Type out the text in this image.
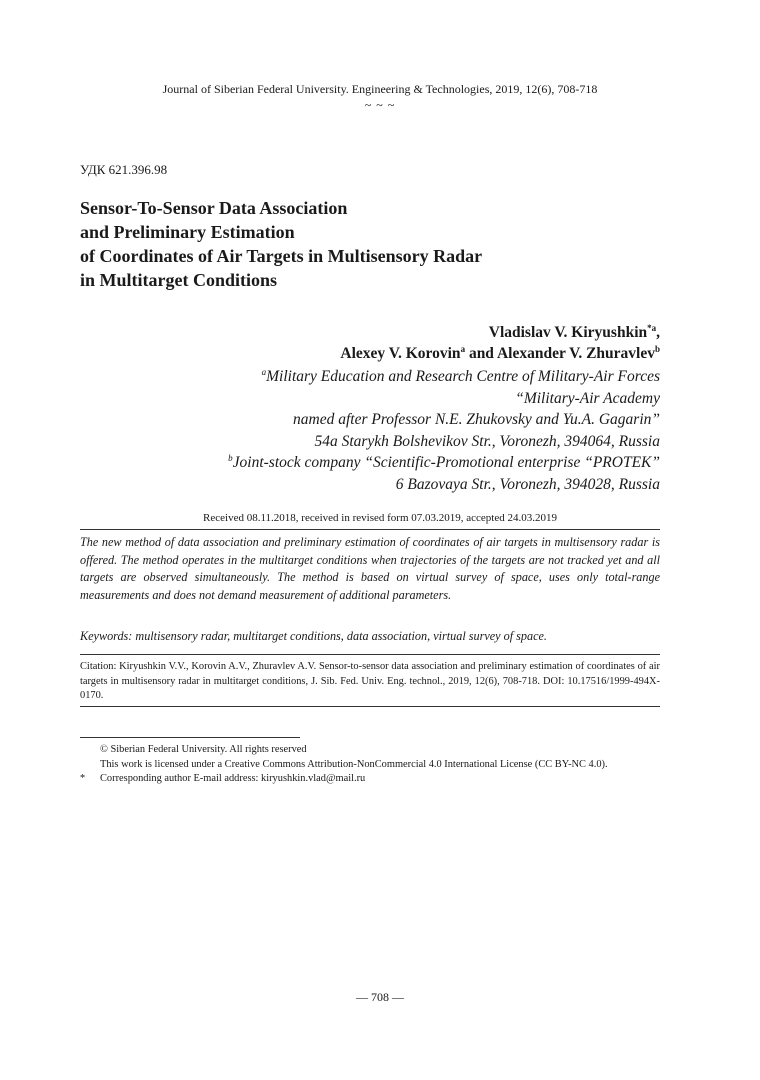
Journal of Siberian Federal University. Engineering & Technologies, 2019, 12(6), 708-718
~ ~ ~
УДК 621.396.98
Sensor-To-Sensor Data Association
and Preliminary Estimation
of Coordinates of Air Targets in Multisensory Radar
in Multitarget Conditions
Vladislav V. Kiryushkin$^{*a}$,
Alexey V. Korovin$^a$ and Alexander V. Zhuravlev$^b$
$^a$Military Education and Research Centre of Military-Air Forces
“Military-Air Academy
named after Professor N.E. Zhukovsky and Yu.A. Gagarin”
54a Starykh Bolshevikov Str., Voronezh, 394064, Russia
$^b$Joint-stock company “Scientific-Promotional enterprise “PROTEK”
6 Bazovaya Str., Voronezh, 394028, Russia
Received 08.11.2018, received in revised form 07.03.2019, accepted 24.03.2019
The new method of data association and preliminary estimation of coordinates of air targets in multisensory radar is offered. The method operates in the multitarget conditions when trajectories of the targets are not tracked yet and all targets are observed simultaneously. The method is based on virtual survey of space, uses only total-range measurements and does not demand measurement of additional parameters.
Keywords: multisensory radar, multitarget conditions, data association, virtual survey of space.
Citation: Kiryushkin V.V., Korovin A.V., Zhuravlev A.V. Sensor-to-sensor data association and preliminary estimation of coordinates of air targets in multisensory radar in multitarget conditions, J. Sib. Fed. Univ. Eng. technol., 2019, 12(6), 708-718. DOI: 10.17516/1999-494X-0170.
© Siberian Federal University. All rights reserved
This work is licensed under a Creative Commons Attribution-NonCommercial 4.0 International License (CC BY-NC 4.0).
*	Corresponding author E-mail address: kiryushkin.vlad@mail.ru
— 708 —
